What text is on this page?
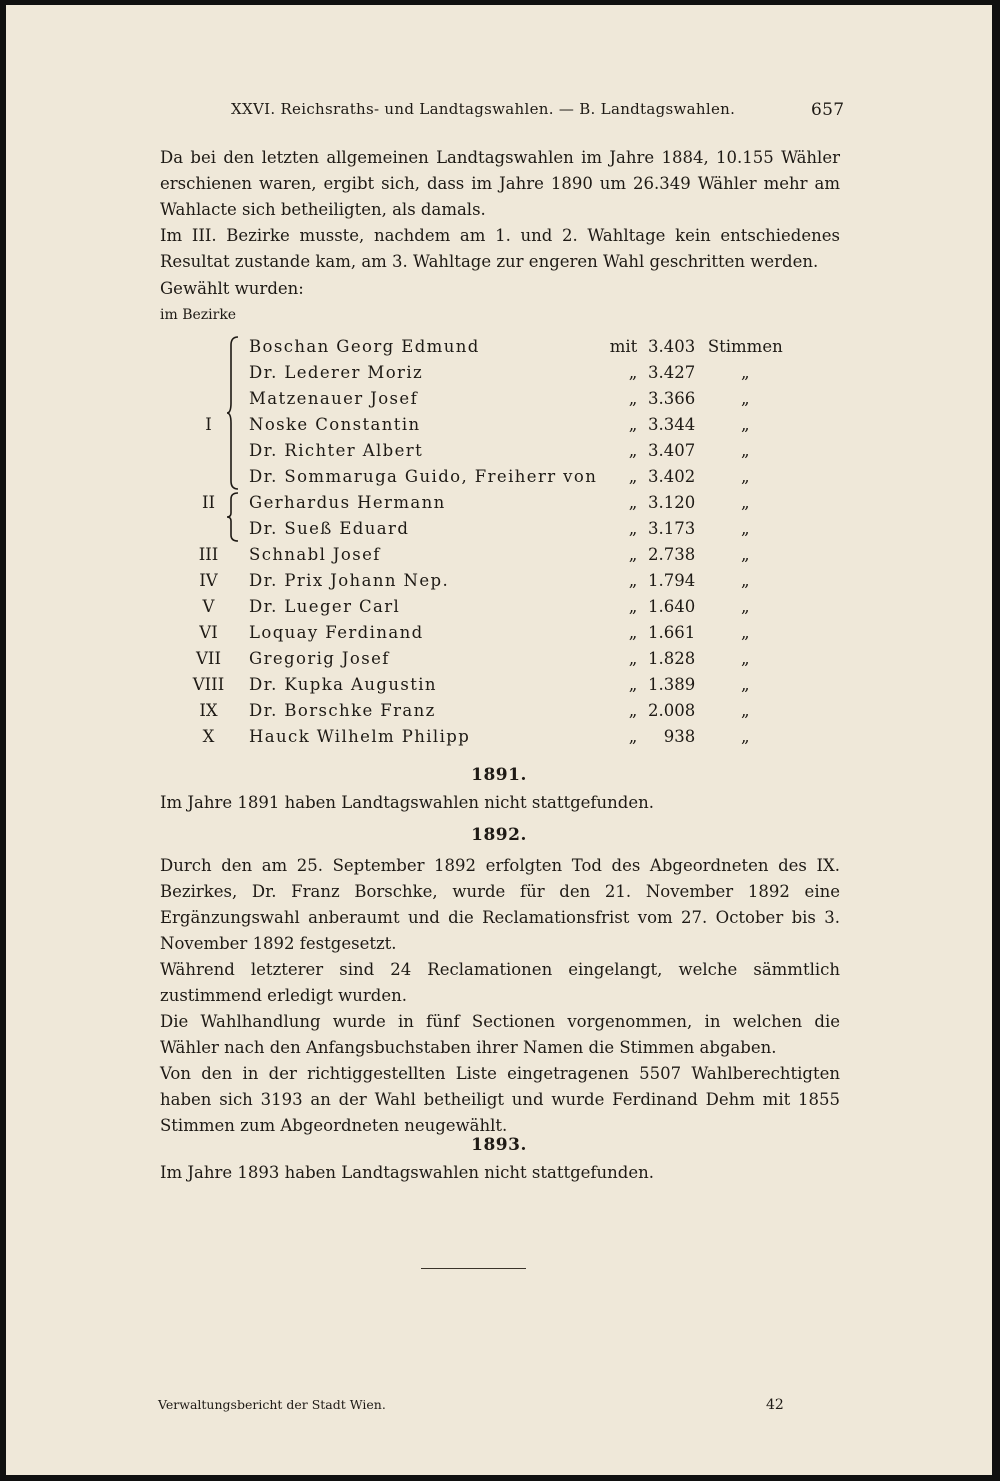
XXVI. Reichsraths- und Landtagswahlen. — B. Landtagswahlen.	657
Da bei den letzten allgemeinen Landtagswahlen im Jahre 1884, 10.155 Wähler erschienen waren, ergibt sich, dass im Jahre 1890 um 26.349 Wähler mehr am Wahlacte sich betheiligten, als damals.
Im III. Bezirke musste, nachdem am 1. und 2. Wahltage kein entschiedenes Resultat zustande kam, am 3. Wahltage zur engeren Wahl geschritten werden.
Gewählt wurden:
im Bezirke
		Boschan Georg Edmund	mit	3.403	Stimmen
		Dr. Lederer Moriz	„	3.427	„
		Matzenauer Josef	„	3.366	„
I		Noske Constantin	„	3.344	„
		Dr. Richter Albert	„	3.407	„
		Dr. Sommaruga Guido, Freiherr von	„	3.402	„
II		Gerhardus Hermann	„	3.120	„
		Dr. Sueß Eduard	„	3.173	„
III		Schnabl Josef	„	2.738	„
IV		Dr. Prix Johann Nep.	„	1.794	„
V		Dr. Lueger Carl	„	1.640	„
VI		Loquay Ferdinand	„	1.661	„
VII		Gregorig Josef	„	1.828	„
VIII		Dr. Kupka Augustin	„	1.389	„
IX		Dr. Borschke Franz	„	2.008	„
X		Hauck Wilhelm Philipp	„	938	„
1891.
Im Jahre 1891 haben Landtagswahlen nicht stattgefunden.
1892.
Durch den am 25. September 1892 erfolgten Tod des Abgeordneten des IX. Bezirkes, Dr. Franz Borschke, wurde für den 21. November 1892 eine Ergänzungswahl anberaumt und die Reclamationsfrist vom 27. October bis 3. November 1892 festgesetzt.
Während letzterer sind 24 Reclamationen eingelangt, welche sämmtlich zustimmend erledigt wurden.
Die Wahlhandlung wurde in fünf Sectionen vorgenommen, in welchen die Wähler nach den Anfangsbuchstaben ihrer Namen die Stimmen abgaben.
Von den in der richtiggestellten Liste eingetragenen 5507 Wahlberechtigten haben sich 3193 an der Wahl betheiligt und wurde Ferdinand Dehm mit 1855 Stimmen zum Abgeordneten neugewählt.
1893.
Im Jahre 1893 haben Landtagswahlen nicht stattgefunden.
Verwaltungsbericht der Stadt Wien.	42
